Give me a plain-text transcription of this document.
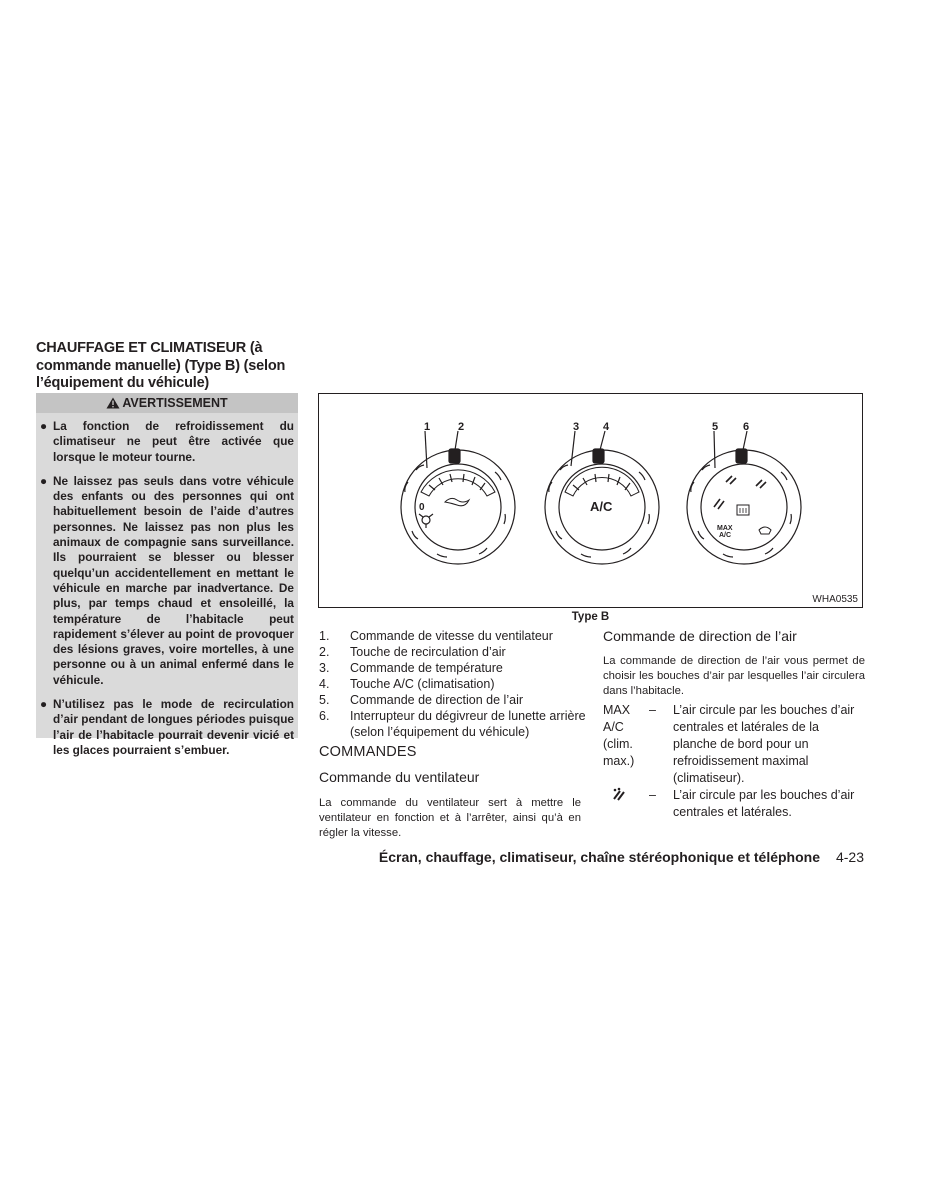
CHAUFFAGE ET CLIMATISEUR (à commande manuelle) (Type B) (selon l’équipement du véhicule)
AVERTISSEMENT
● La fonction de refroidissement du climatiseur ne peut être activée que lorsque le moteur tourne.
● Ne laissez pas seuls dans votre véhicule des enfants ou des personnes qui ont habituellement besoin de l’aide d’autres personnes. Ne laissez pas non plus les animaux de compagnie sans surveillance. Ils pourraient se blesser ou blesser quelqu’un accidentellement en mettant le véhicule en marche par inadvertance. De plus, par temps chaud et ensoleillé, la température de l’habitacle peut rapidement s’élever au point de provoquer des lésions graves, voire mortelles, à une personne ou à un animal enfermé dans le véhicule.
● N’utilisez pas le mode de recirculation d’air pendant de longues périodes puisque l’air de l’habitacle pourrait devenir vicié et les glaces pourraient s’embuer.
1	2	3 4	5 6
0	A/C
MAX
A/C
WHA0535
Type B
1. Commande de vitesse du ventilateur
2. Touche de recirculation d’air
3. Commande de température
4. Touche A/C (climatisation)
5. Commande de direction de l’air
6. Interrupteur du dégivreur de lunette arrière (selon l’équipement du véhicule)
COMMANDES
Commande du ventilateur
La commande du ventilateur sert à mettre le ventilateur en fonction et à l’arrêter, ainsi qu’à en régler la vitesse.
Commande de direction de l’air
La commande de direction de l’air vous permet de choisir les bouches d’air par lesquelles l’air circulera dans l’habitacle.
MAX
A/C
(clim.
max.)	–	L’air circule par les bouches d’air centrales et latérales de la planche de bord pour un refroidissement maximal (climatiseur).
	–	L’air circule par les bouches d’air centrales et latérales.
Écran, chauffage, climatiseur, chaîne stéréophonique et téléphone 4-23
